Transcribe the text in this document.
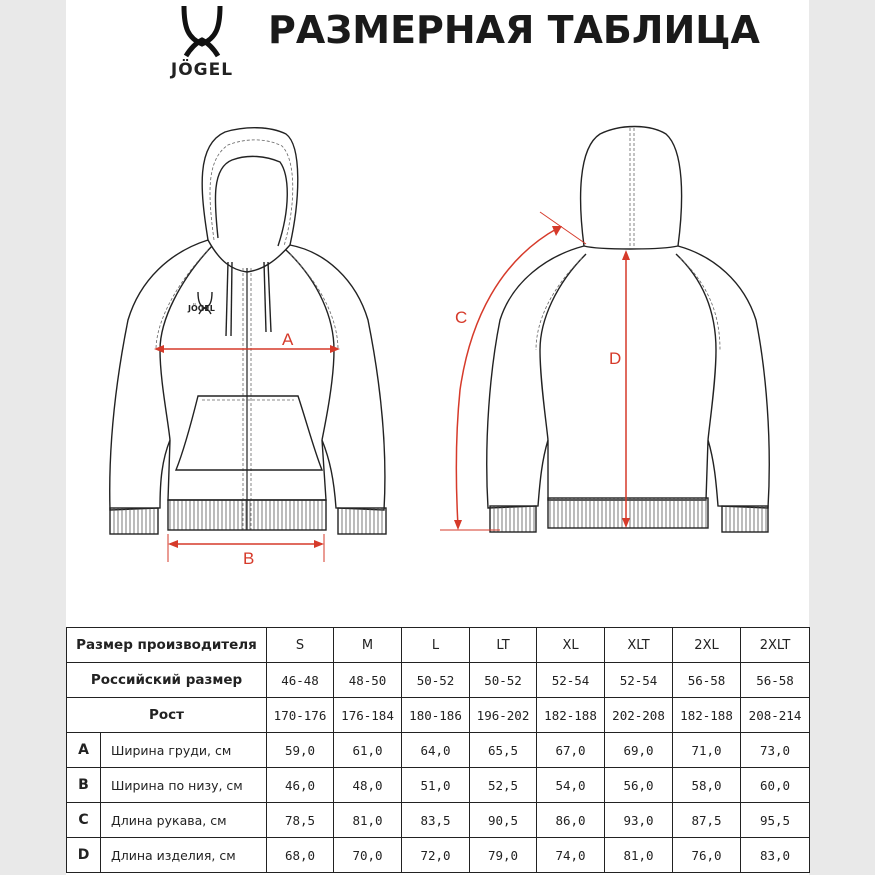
JÖGEL
РАЗМЕРНАЯ ТАБЛИЦА
JÖGEL
A
B
C
D
Размер производителя		S	M	L	LT	XL	XLT	2XL	2XLT
Российский размер		46-48	48-50	50-52	50-52	52-54	52-54	56-58	56-58
Рост		170-176	176-184	180-186	196-202	182-188	202-208	182-188	208-214
A	Ширина груди, см	59,0	61,0	64,0	65,5	67,0	69,0	71,0	73,0
B	Ширина по низу, см	46,0	48,0	51,0	52,5	54,0	56,0	58,0	60,0
C	Длина рукава, см	78,5	81,0	83,5	90,5	86,0	93,0	87,5	95,5
D	Длина изделия, см	68,0	70,0	72,0	79,0	74,0	81,0	76,0	83,0
